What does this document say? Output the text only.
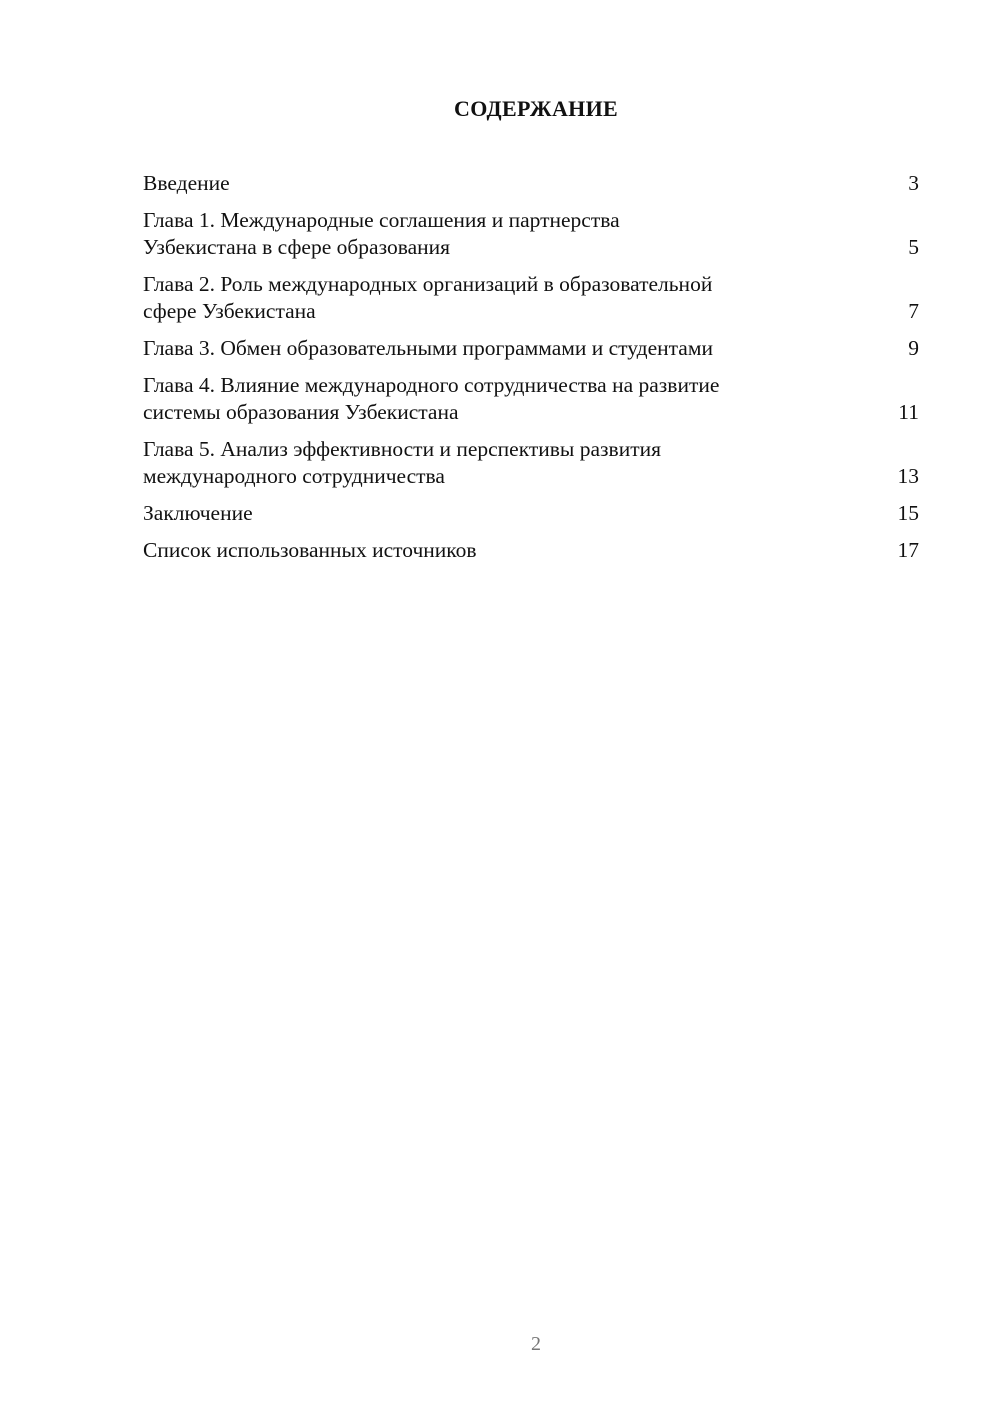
СОДЕРЖАНИЕ
Введение	3
Глава 1. Международные соглашения и партнерства
Узбекистана в сфере образования	5
Глава 2. Роль международных организаций в образовательной
сфере Узбекистана	7
Глава 3. Обмен образовательными программами и студентами	9
Глава 4. Влияние международного сотрудничества на развитие
системы образования Узбекистана	11
Глава 5. Анализ эффективности и перспективы развития
международного сотрудничества	13
Заключение	15
Список использованных источников	17
2
